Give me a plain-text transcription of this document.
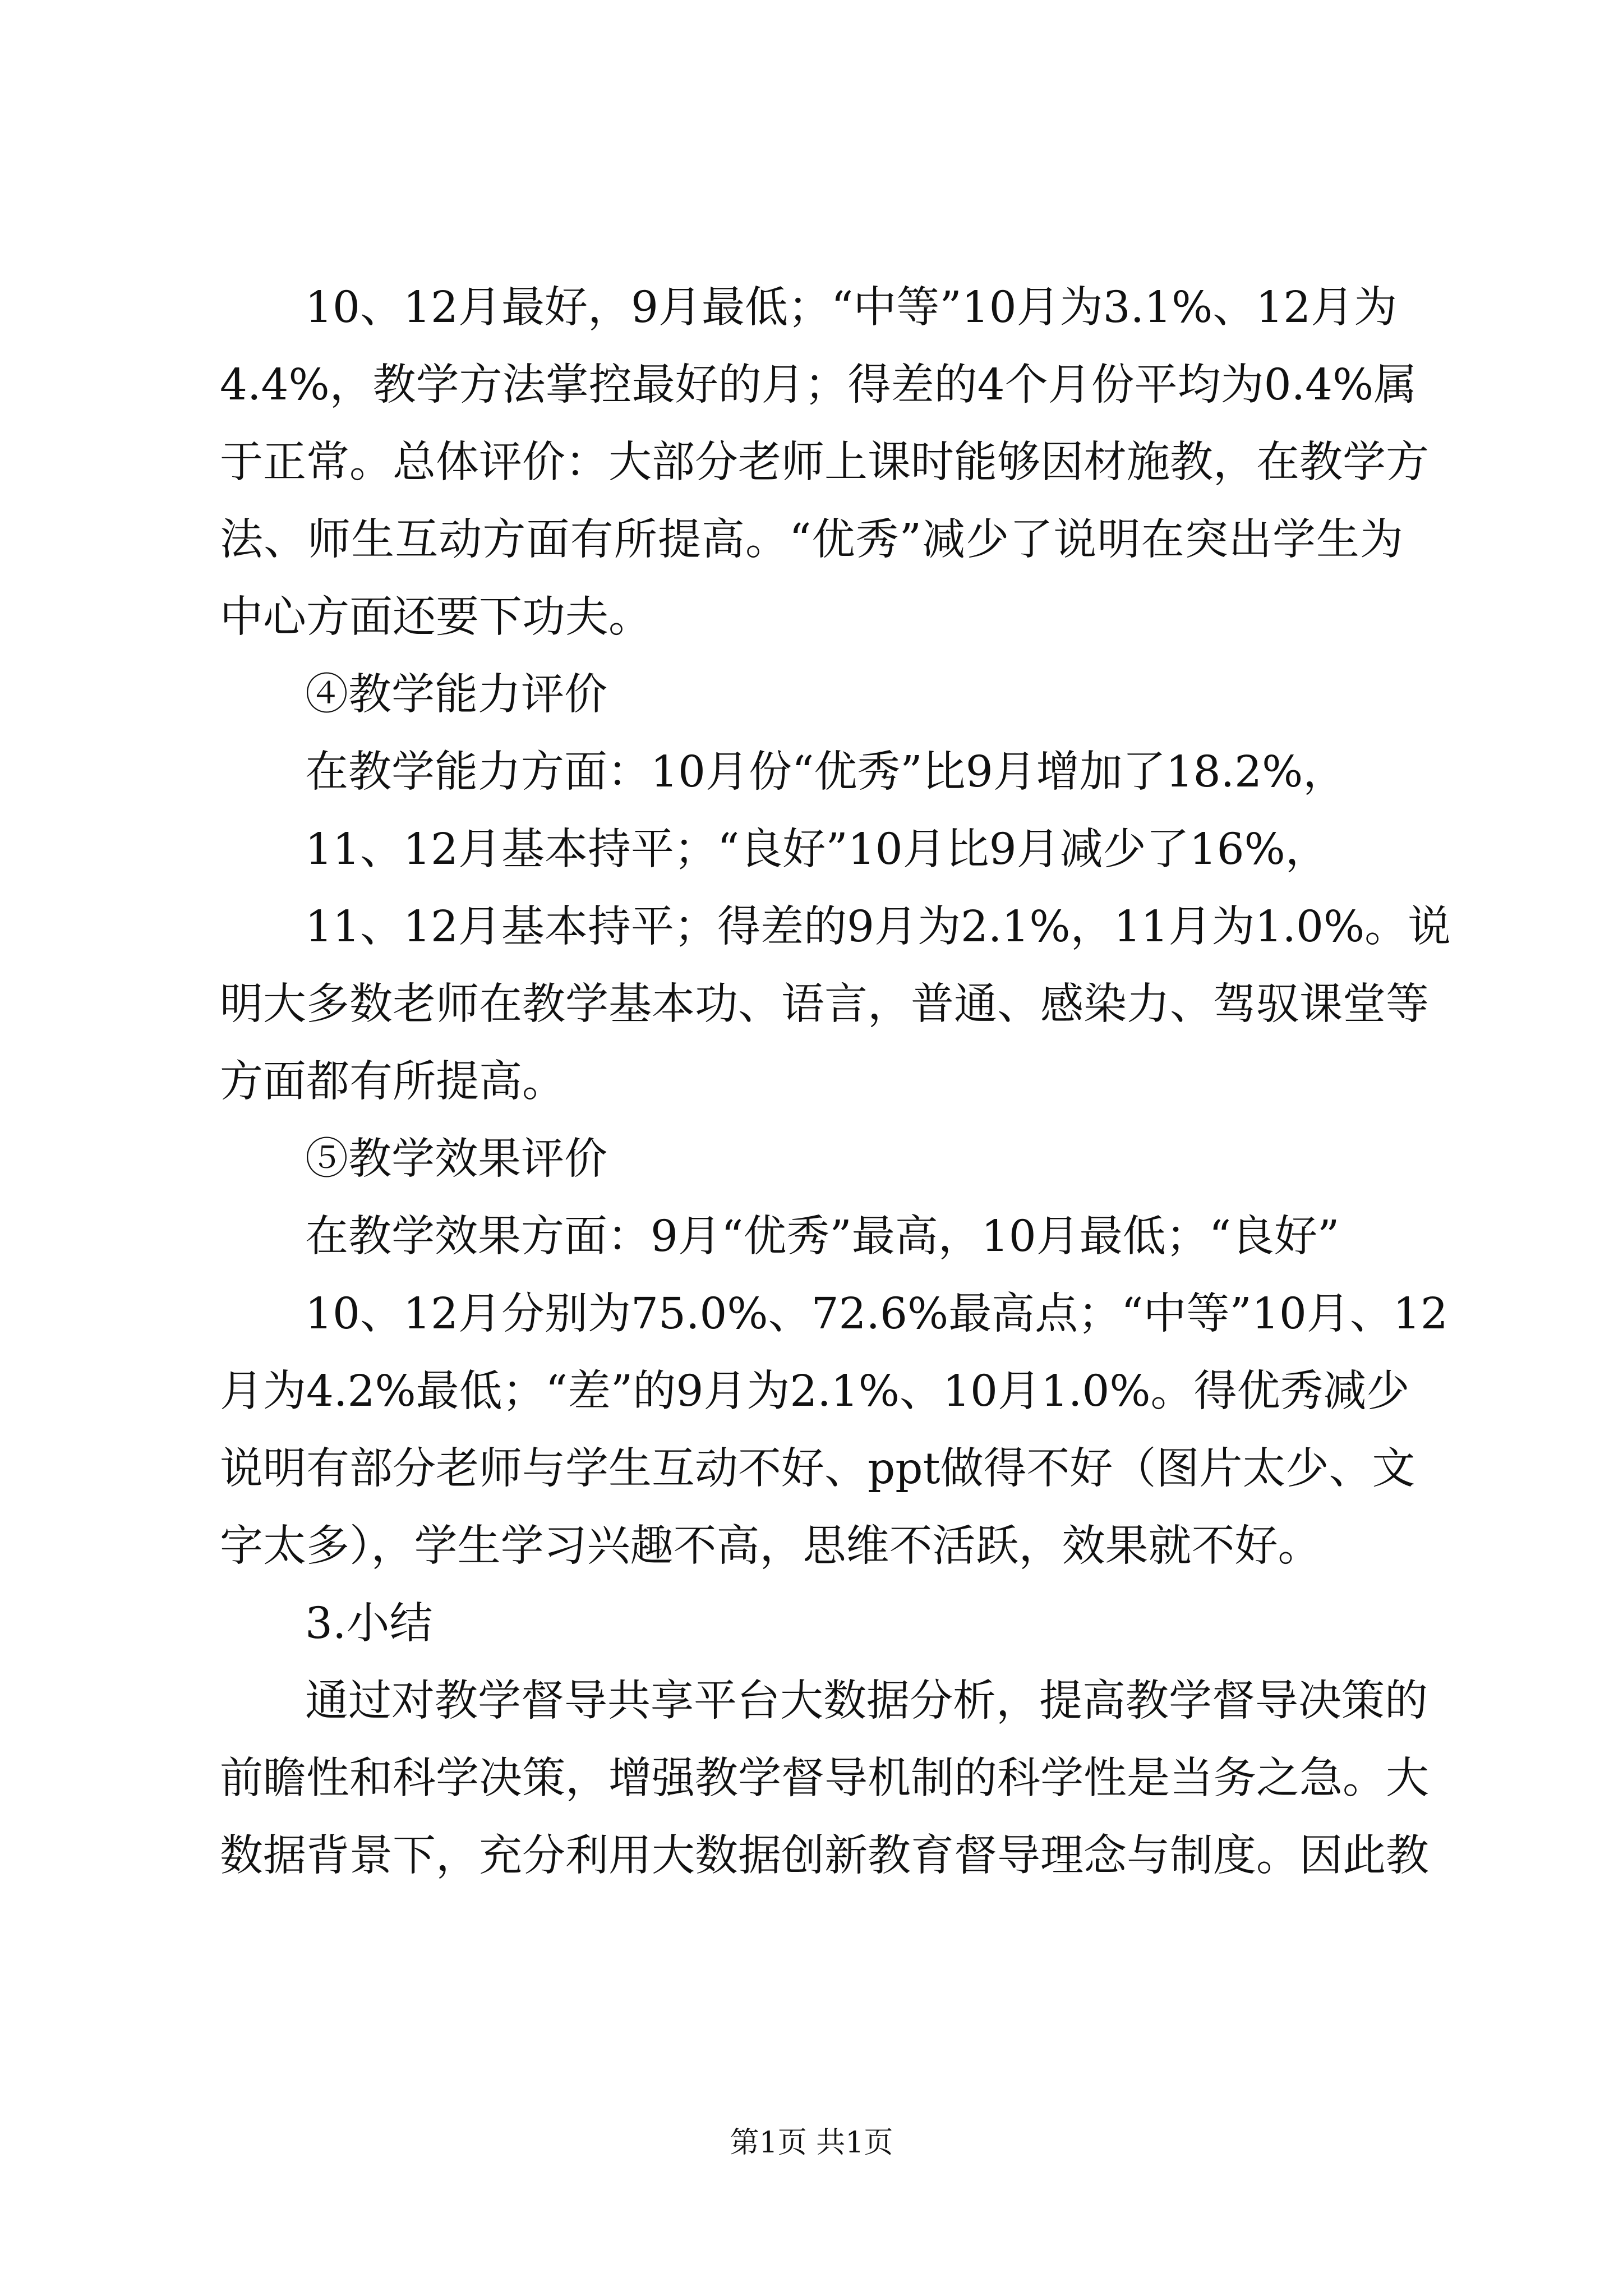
10、12月最好，9月最低；“中等”10月为3.1%、12月为
4.4%，教学方法掌控最好的月；得差的4个月份平均为0.4%属
于正常。总体评价：大部分老师上课时能够因材施教，在教学方
法、师生互动方面有所提高。“优秀”减少了说明在突出学生为
中心方面还要下功夫。
④教学能力评价
在教学能力方面：10月份“优秀”比9月增加了18.2%，
11、12月基本持平；“良好”10月比9月减少了16%，
11、12月基本持平；得差的9月为2.1%，11月为1.0%。说
明大多数老师在教学基本功、语言，普通、感染力、驾驭课堂等
方面都有所提高。
⑤教学效果评价
在教学效果方面：9月“优秀”最高，10月最低；“良好”
10、12月分别为75.0%、72.6%最高点；“中等”10月、12
月为4.2%最低；“差”的9月为2.1%、10月1.0%。得优秀减少
说明有部分老师与学生互动不好、ppt做得不好（图片太少、文
字太多），学生学习兴趣不高，思维不活跃，效果就不好。
3.小结
通过对教学督导共享平台大数据分析，提高教学督导决策的
前瞻性和科学决策，增强教学督导机制的科学性是当务之急。大
数据背景下，充分利用大数据创新教育督导理念与制度。因此教
第1页 共1页
